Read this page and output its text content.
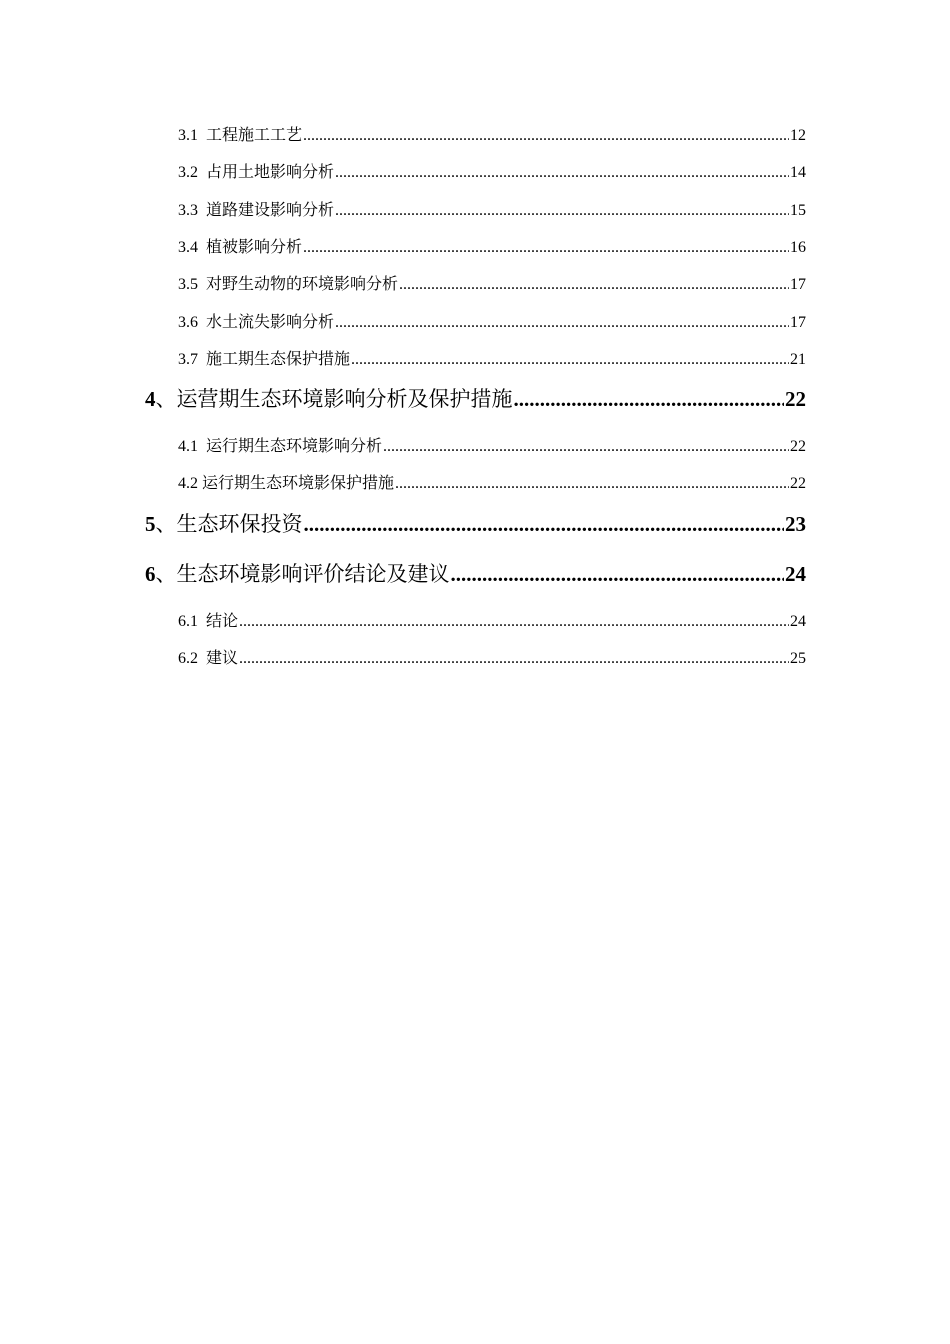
3.1 工程施工工艺 .....	12
3.2 占用土地影响分析 .....	14
3.3 道路建设影响分析 .....	15
3.4 植被影响分析 .....	16
3.5 对野生动物的环境影响分析 .....	17
3.6 水土流失影响分析 .....	17
3.7 施工期生态保护措施 .....	21
4 、运营期生态环境影响分析及保护措施 .....	22
4.1 运行期生态环境影响分析 .....	22
4.2 运行期生态环境影保护措施 .....	22
5 、生态环保投资 .....	23
6 、生态环境影响评价结论及建议 .....	24
6.1 结论 .....	24
6.2 建议 .....	25
